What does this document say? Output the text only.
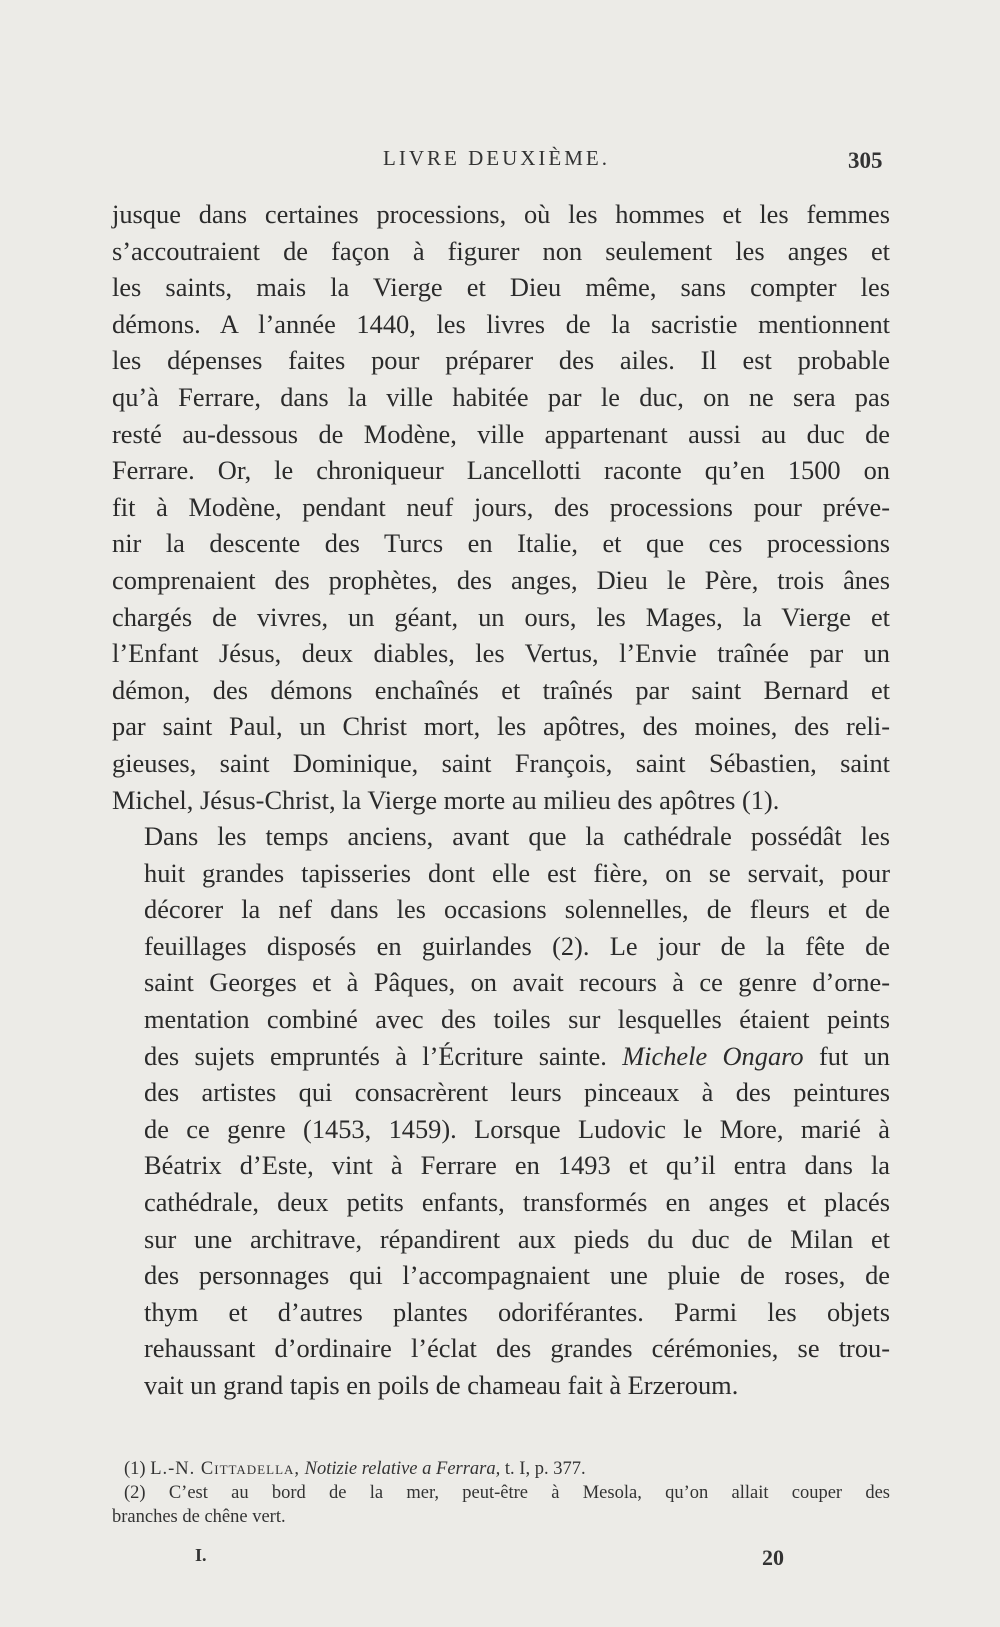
LIVRE DEUXIÈME.	305

jusque dans certaines processions, où les hommes et les femmes
s’accoutraient de façon à figurer non seulement les anges et
les saints, mais la Vierge et Dieu même, sans compter les
démons. A l’année 1440, les livres de la sacristie mentionnent
les dépenses faites pour préparer des ailes. Il est probable
qu’à Ferrare, dans la ville habitée par le duc, on ne sera pas
resté au-dessous de Modène, ville appartenant aussi au duc de
Ferrare. Or, le chroniqueur Lancellotti raconte qu’en 1500 on
fit à Modène, pendant neuf jours, des processions pour préve-
nir la descente des Turcs en Italie, et que ces processions
comprenaient des prophètes, des anges, Dieu le Père, trois ânes
chargés de vivres, un géant, un ours, les Mages, la Vierge et
l’Enfant Jésus, deux diables, les Vertus, l’Envie traînée par un
démon, des démons enchaînés et traînés par saint Bernard et
par saint Paul, un Christ mort, les apôtres, des moines, des reli-
gieuses, saint Dominique, saint François, saint Sébastien, saint
Michel, Jésus-Christ, la Vierge morte au milieu des apôtres (1).

Dans les temps anciens, avant que la cathédrale possédât les
huit grandes tapisseries dont elle est fière, on se servait, pour
décorer la nef dans les occasions solennelles, de fleurs et de
feuillages disposés en guirlandes (2). Le jour de la fête de
saint Georges et à Pâques, on avait recours à ce genre d’orne-
mentation combiné avec des toiles sur lesquelles étaient peints
des sujets empruntés à l’Écriture sainte. Michele Ongaro fut un
des artistes qui consacrèrent leurs pinceaux à des peintures
de ce genre (1453, 1459). Lorsque Ludovic le More, marié à
Béatrix d’Este, vint à Ferrare en 1493 et qu’il entra dans la
cathédrale, deux petits enfants, transformés en anges et placés
sur une architrave, répandirent aux pieds du duc de Milan et
des personnages qui l’accompagnaient une pluie de roses, de
thym et d’autres plantes odoriférantes. Parmi les objets
rehaussant d’ordinaire l’éclat des grandes cérémonies, se trou-
vait un grand tapis en poils de chameau fait à Erzeroum.

(1) L.-N. Cittadella, Notizie relative a Ferrara, t. I, p. 377.
(2) C’est au bord de la mer, peut-être à Mesola, qu’on allait couper des
branches de chêne vert.
I.	20
